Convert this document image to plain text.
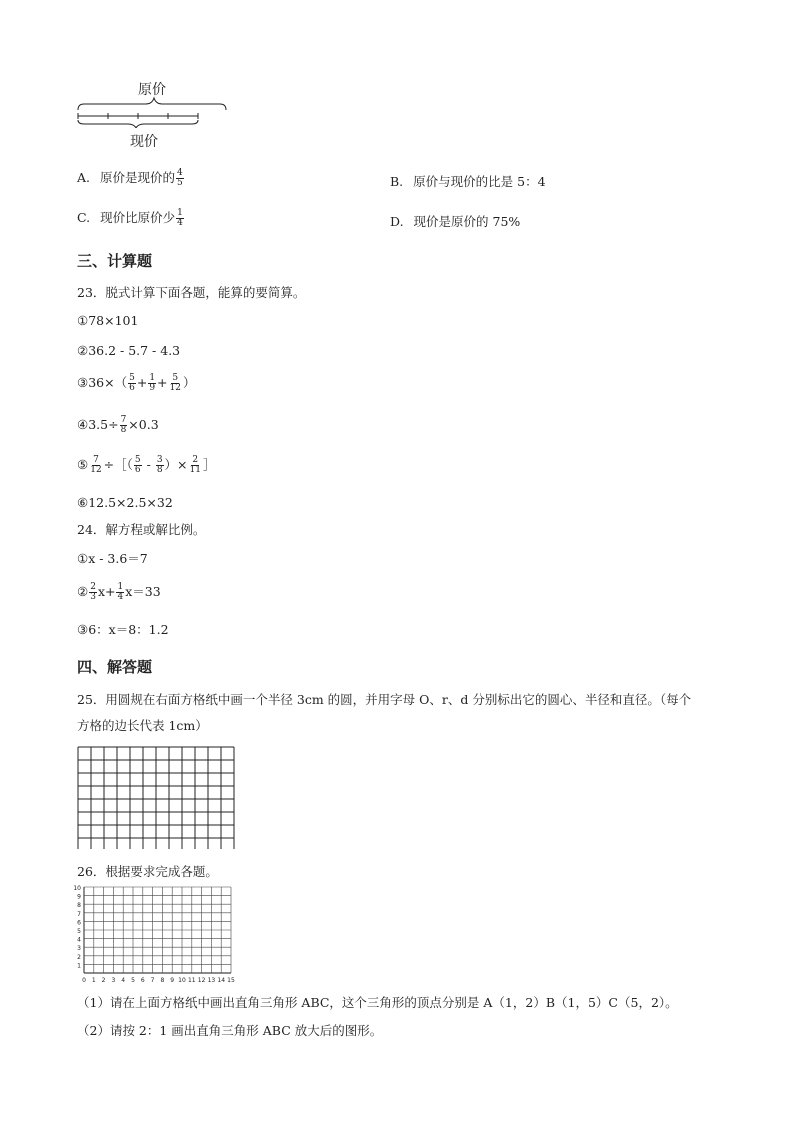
原价
现价
A. 原价是现价的 $\frac{4}{5}$	B. 原价与现价的比是 5：4
C. 现价比原价少 $\frac{1}{4}$	D. 现价是原价的 75%
三、计算题
23．脱式计算下面各题，能算的要简算。
①78×101
②36.2 - 5.7 - 4.3
③36×（ $\frac{5}{6} + \frac{1}{9} + \frac{5}{12}$ ）
④3.5÷ $\frac{7}{8} \times 0.3$
⑤ $\frac{7}{12}$ ÷［（ $\frac{5}{6} - \frac{3}{8}$ ）× $\frac{2}{11}$ ］
⑥12.5×2.5×32
24．解方程或解比例。
①x - 3.6＝7
② $\frac{2}{3} x+ \frac{1}{4} x=33$
③6：x＝8：1.2
四、解答题
25．用圆规在右面方格纸中画一个半径 3cm 的圆，并用字母 O、r、d 分别标出它的圆心、半径和直径。（每个
方格的边长代表 1cm）
26．根据要求完成各题。
1
2
3
4
5
6
7
8
9
10
0 1 2 3 4 5 6 7 8 9 10 11 12 13 14 15
（1）请在上面方格纸中画出直角三角形 ABC，这个三角形的顶点分别是 A（1，2）B（1，5）C（5，2）。
（2）请按 2：1 画出直角三角形 ABC 放大后的图形。
